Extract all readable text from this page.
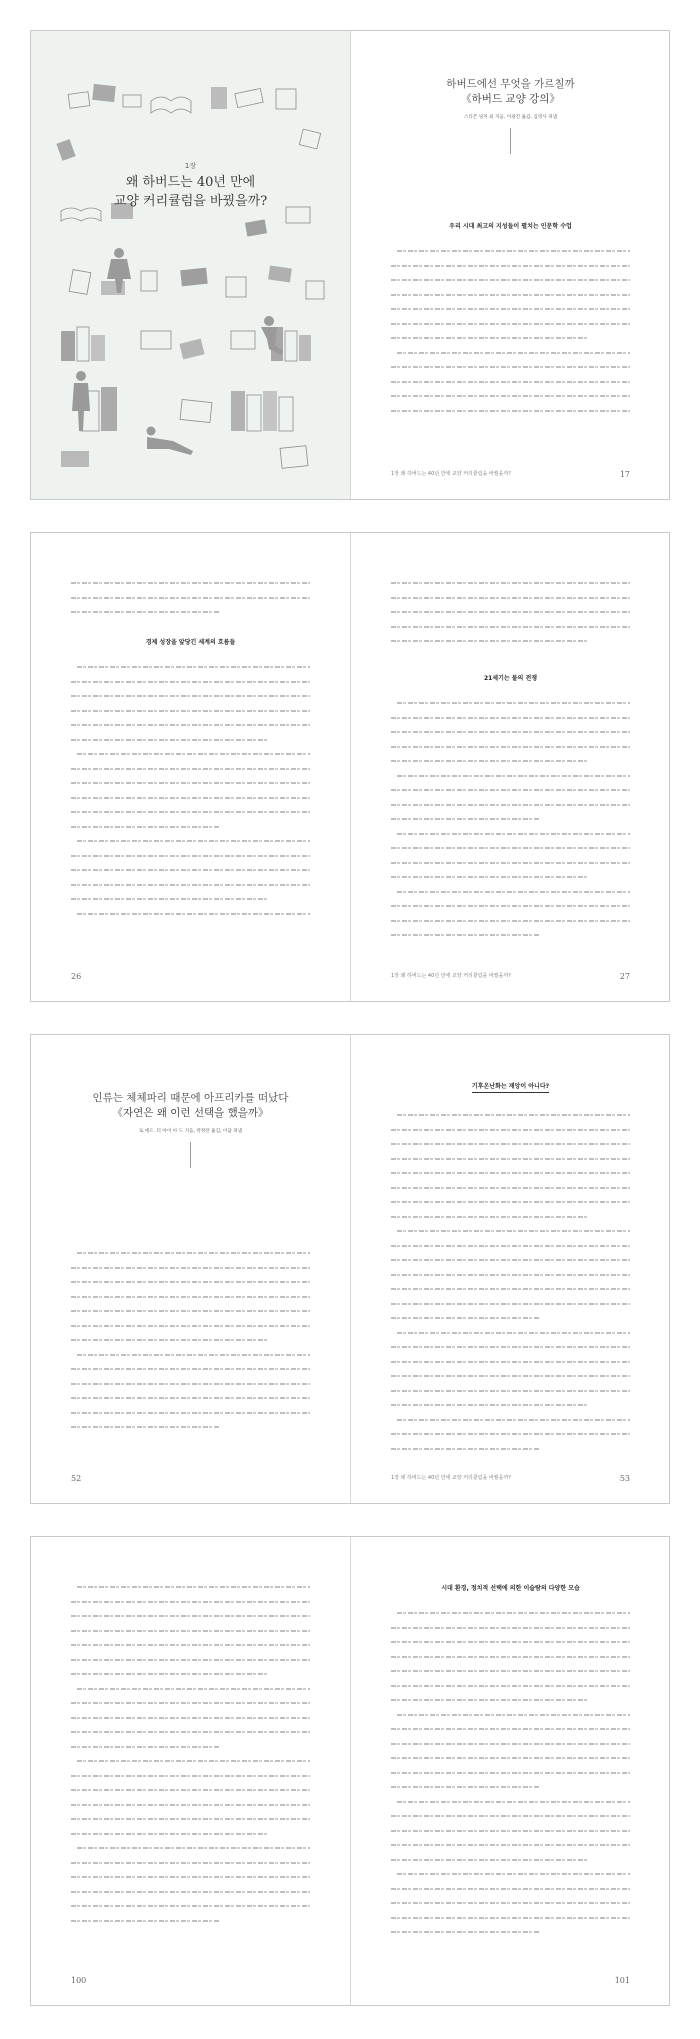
1장
왜 하버드는 40년 만에
교양 커리큘럼을 바꿨을까?
하버드에선 무엇을 가르칠까
《하버드 교양 강의》
스티븐 핑커 외 지음, 이광진 옮김, 김영사 펴냄
우리 시대 최고의 지성들이 펼치는 인문학 수업
1장 왜 하버드는 40년 만에 교양 커리큘럼을 바꿨을까?	17
경제 성장을 앞당긴 세계의 흐름들
26
21세기는 물의 전쟁
1장 왜 하버드는 40년 만에 교양 커리큘럼을 바꿨을까?	27
인류는 체체파리 때문에 아프리카를 떠났다
《자연은 왜 이런 선택을 했을까》
로 에드 .티 아이 아 드 지음, 박정란 옮김, 이담 펴냄
52
기후온난화는 재앙이 아니다?
1장 왜 하버드는 40년 만에 교양 커리큘럼을 바꿨을까?	53
100
시대 환경, 정치적 선택에 의한 이슬람의 다양한 모습
101
